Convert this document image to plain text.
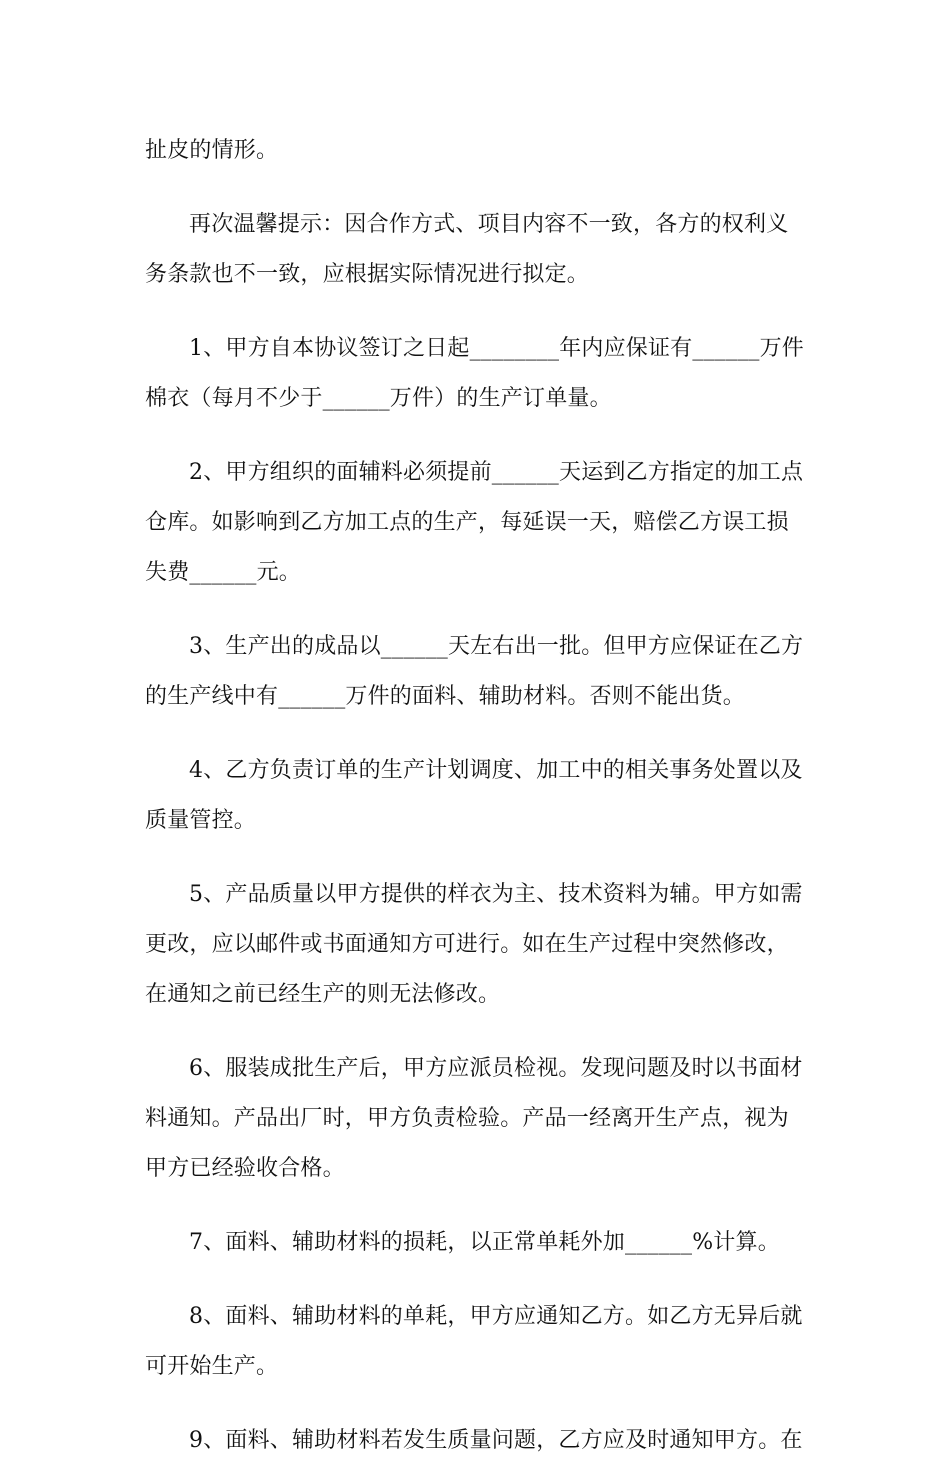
扯皮的情形。
再次温馨提示：因合作方式、项目内容不一致，各方的权利义
务条款也不一致，应根据实际情况进行拟定。
1、甲方自本协议签订之日起________年内应保证有______万件
棉衣（每月不少于______万件）的生产订单量。
2、甲方组织的面辅料必须提前______天运到乙方指定的加工点
仓库。如影响到乙方加工点的生产，每延误一天，赔偿乙方误工损
失费______元。
3、生产出的成品以______天左右出一批。但甲方应保证在乙方
的生产线中有______万件的面料、辅助材料。否则不能出货。
4、乙方负责订单的生产计划调度、加工中的相关事务处置以及
质量管控。
5、产品质量以甲方提供的样衣为主、技术资料为辅。甲方如需
更改，应以邮件或书面通知方可进行。如在生产过程中突然修改，
在通知之前已经生产的则无法修改。
6、服装成批生产后，甲方应派员检视。发现问题及时以书面材
料通知。产品出厂时，甲方负责检验。产品一经离开生产点，视为
甲方已经验收合格。
7、面料、辅助材料的损耗，以正常单耗外加______%计算。
8、面料、辅助材料的单耗，甲方应通知乙方。如乙方无异后就
可开始生产。
9、面料、辅助材料若发生质量问题，乙方应及时通知甲方。在
